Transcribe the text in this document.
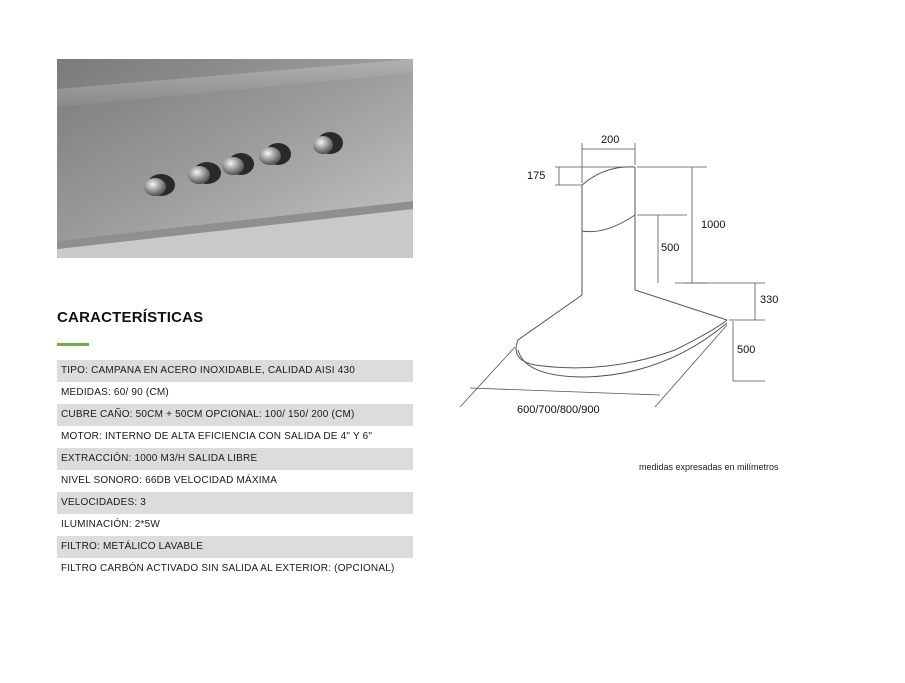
CARACTERÍSTICAS
TIPO: CAMPANA EN ACERO INOXIDABLE, CALIDAD AISI 430
MEDIDAS: 60/ 90 (CM)
CUBRE CAÑO: 50CM + 50CM OPCIONAL: 100/ 150/ 200 (CM)
MOTOR: INTERNO DE ALTA EFICIENCIA CON SALIDA DE 4" Y 6"
EXTRACCIÓN: 1000 M3/H SALIDA LIBRE
NIVEL SONORO: 66DB VELOCIDAD MÁXIMA
VELOCIDADES: 3
ILUMINACIÓN: 2*5W
FILTRO: METÁLICO LAVABLE
FILTRO CARBÓN ACTIVADO SIN SALIDA AL EXTERIOR: (OPCIONAL)
200
175
1000
500
330
500
600/700/800/900
medidas expresadas en milímetros
